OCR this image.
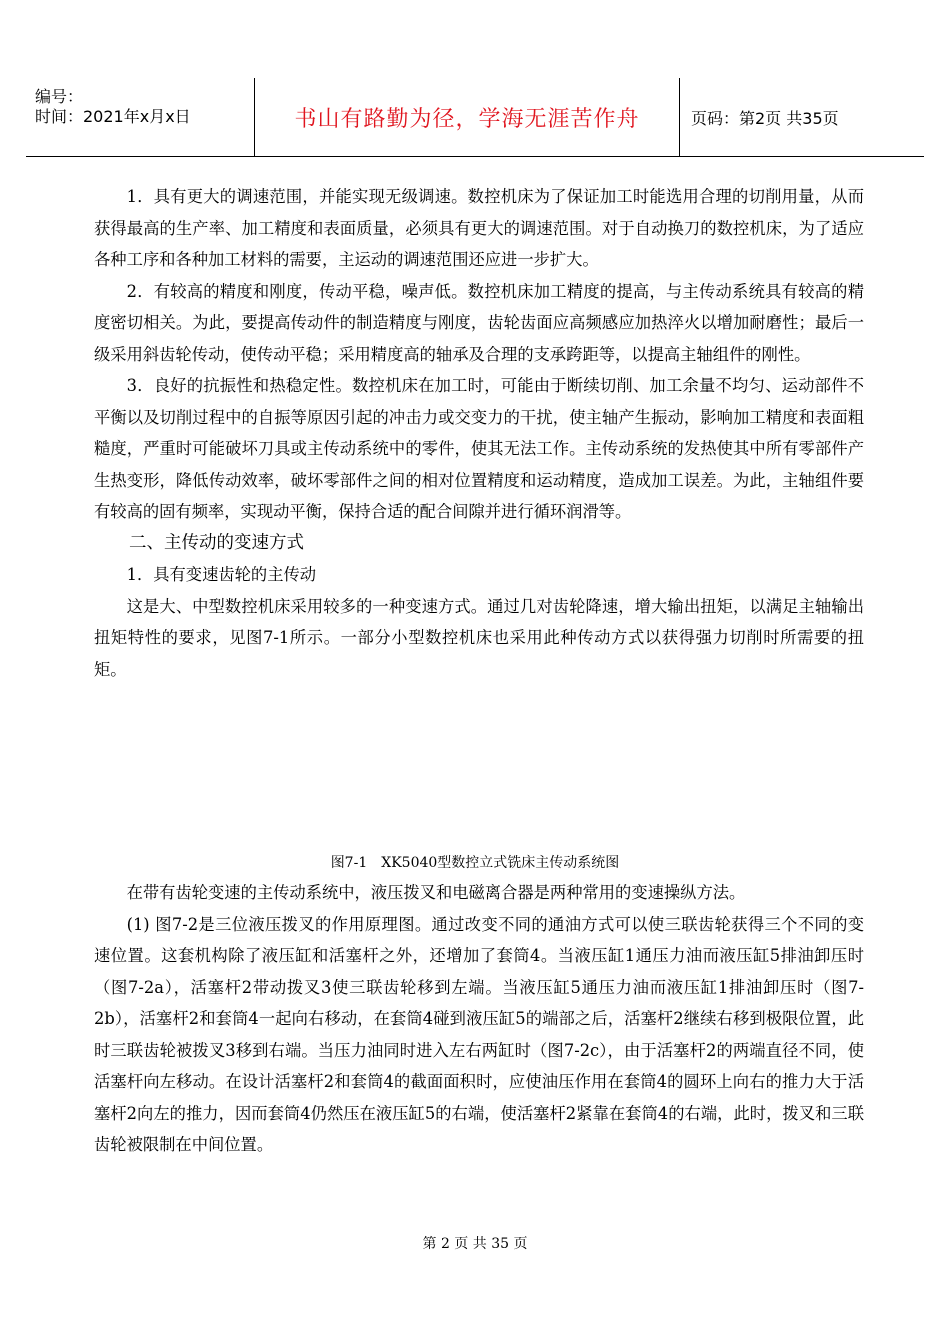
编号：
时间：2021年x月x日	书山有路勤为径，学海无涯苦作舟	页码：第2页 共35页

1．具有更大的调速范围，并能实现无级调速。数控机床为了保证加工时能选用合理的切削用量，从而获得最高的生产率、加工精度和表面质量，必须具有更大的调速范围。对于自动换刀的数控机床，为了适应各种工序和各种加工材料的需要，主运动的调速范围还应进一步扩大。

2．有较高的精度和刚度，传动平稳，噪声低。数控机床加工精度的提高，与主传动系统具有较高的精度密切相关。为此，要提高传动件的制造精度与刚度，齿轮齿面应高频感应加热淬火以增加耐磨性；最后一级采用斜齿轮传动，使传动平稳；采用精度高的轴承及合理的支承跨距等，以提高主轴组件的刚性。

3．良好的抗振性和热稳定性。数控机床在加工时，可能由于断续切削、加工余量不均匀、运动部件不平衡以及切削过程中的自振等原因引起的冲击力或交变力的干扰，使主轴产生振动，影响加工精度和表面粗糙度，严重时可能破坏刀具或主传动系统中的零件，使其无法工作。主传动系统的发热使其中所有零部件产生热变形，降低传动效率，破坏零部件之间的相对位置精度和运动精度，造成加工误差。为此，主轴组件要有较高的固有频率，实现动平衡，保持合适的配合间隙并进行循环润滑等。

二、主传动的变速方式

1．具有变速齿轮的主传动

这是大、中型数控机床采用较多的一种变速方式。通过几对齿轮降速，增大输出扭矩，以满足主轴输出扭矩特性的要求，见图7-1所示。一部分小型数控机床也采用此种传动方式以获得强力切削时所需要的扭矩。

图7-1　XK5040型数控立式铣床主传动系统图

在带有齿轮变速的主传动系统中，液压拨叉和电磁离合器是两种常用的变速操纵方法。

(1) 图7-2是三位液压拨叉的作用原理图。通过改变不同的通油方式可以使三联齿轮获得三个不同的变速位置。这套机构除了液压缸和活塞杆之外，还增加了套筒4。当液压缸1通压力油而液压缸5排油卸压时（图7-2a），活塞杆2带动拨叉3使三联齿轮移到左端。当液压缸5通压力油而液压缸1排油卸压时（图7-2b），活塞杆2和套筒4一起向右移动，在套筒4碰到液压缸5的端部之后，活塞杆2继续右移到极限位置，此时三联齿轮被拨叉3移到右端。当压力油同时进入左右两缸时（图7-2c），由于活塞杆2的两端直径不同，使活塞杆向左移动。在设计活塞杆2和套筒4的截面面积时，应使油压作用在套筒4的圆环上向右的推力大于活塞杆2向左的推力，因而套筒4仍然压在液压缸5的右端，使活塞杆2紧靠在套筒4的右端，此时，拨叉和三联齿轮被限制在中间位置。

第 2 页 共 35 页
